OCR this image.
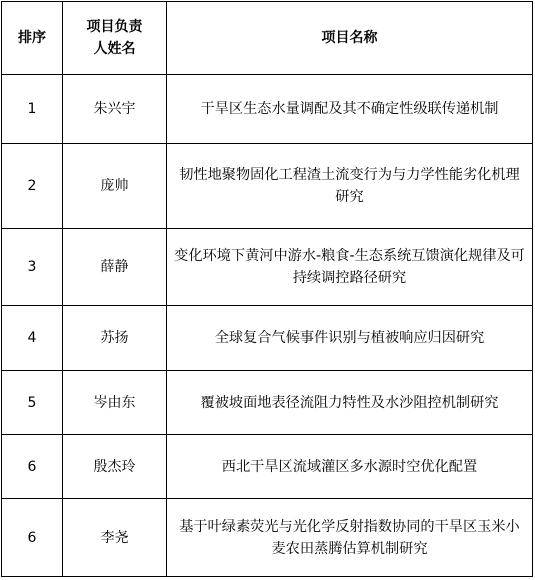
排序	项目负责人姓名	项目名称
1	朱兴宇	干旱区生态水量调配及其不确定性级联传递机制
2	庞帅	韧性地聚物固化工程渣土流变行为与力学性能劣化机理研究
3	薛静	变化环境下黄河中游水-粮食-生态系统互馈演化规律及可持续调控路径研究
4	苏扬	全球复合气候事件识别与植被响应归因研究
5	岑由东	覆被坡面地表径流阻力特性及水沙阻控机制研究
6	殷杰玲	西北干旱区流域灌区多水源时空优化配置
6	李尧	基于叶绿素荧光与光化学反射指数协同的干旱区玉米小麦农田蒸腾估算机制研究
